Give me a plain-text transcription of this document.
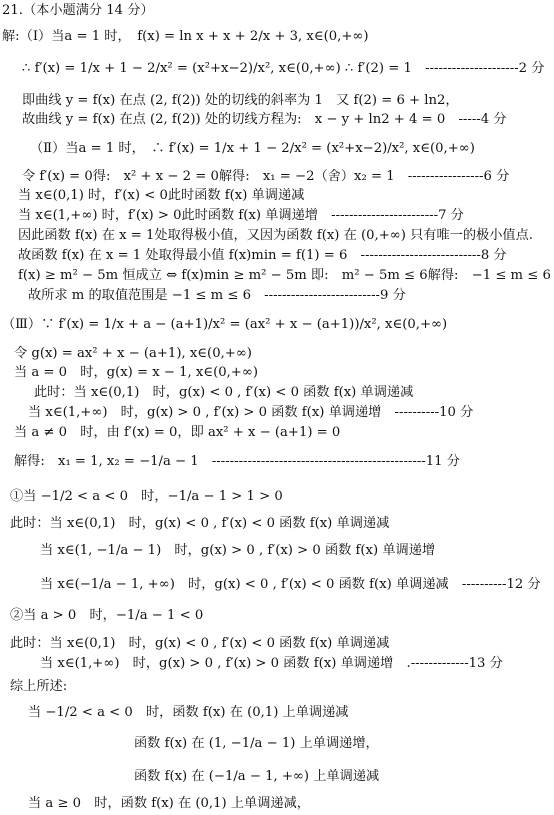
21.（本小题满分 14 分）
解:（Ⅰ）当a = 1 时，　f(x) = ln x + x + 2/x + 3, x∈(0,+∞)
∴ f′(x) = 1/x + 1 − 2/x² = (x²+x−2)/x², x∈(0,+∞) ∴ f′(2) = 1　---------------------2 分
即曲线 y = f(x) 在点 (2, f(2)) 处的切线的斜率为 1　又 f(2) = 6 + ln2，
故曲线 y = f(x) 在点 (2, f(2)) 处的切线方程为:　x − y + ln2 + 4 = 0　-----4 分
（Ⅱ）当a = 1 时，　∴ f′(x) = 1/x + 1 − 2/x² = (x²+x−2)/x², x∈(0,+∞)
令 f′(x) = 0得:　x² + x − 2 = 0解得:　x₁ = −2（舍）x₂ = 1　-----------------6 分
当 x∈(0,1) 时，f′(x) < 0此时函数 f(x) 单调递减
当 x∈(1,+∞) 时，f′(x) > 0此时函数 f(x) 单调递增　------------------------7 分
因此函数 f(x) 在 x = 1处取得极小值，又因为函数 f(x) 在 (0,+∞) 只有唯一的极小值点.
故函数 f(x) 在 x = 1 处取得最小值 f(x)min = f(1) = 6　---------------------------8 分
f(x) ≥ m² − 5m 恒成立 ⇔ f(x)min ≥ m² − 5m 即:　m² − 5m ≤ 6解得:　−1 ≤ m ≤ 6
故所求 m 的取值范围是 −1 ≤ m ≤ 6　--------------------------9 分
（Ⅲ）∵ f′(x) = 1/x + a − (a+1)/x² = (ax² + x − (a+1))/x², x∈(0,+∞)
令 g(x) = ax² + x − (a+1), x∈(0,+∞)
当 a = 0　时，g(x) = x − 1, x∈(0,+∞)
此时：当 x∈(0,1)　时，g(x) < 0 , f′(x) < 0 函数 f(x) 单调递减
当 x∈(1,+∞)　时，g(x) > 0 , f′(x) > 0 函数 f(x) 单调递增　----------10 分
当 a ≠ 0　时，由 f′(x) = 0，即 ax² + x − (a+1) = 0
解得:　x₁ = 1, x₂ = −1/a − 1　------------------------------------------------11 分
①当 −1/2 < a < 0　时，−1/a − 1 > 1 > 0
此时：当 x∈(0,1)　时，g(x) < 0 , f′(x) < 0 函数 f(x) 单调递减
当 x∈(1, −1/a − 1)　时，g(x) > 0 , f′(x) > 0 函数 f(x) 单调递增
当 x∈(−1/a − 1, +∞)　时，g(x) < 0 , f′(x) < 0 函数 f(x) 单调递减　----------12 分
②当 a > 0　时，−1/a − 1 < 0
此时：当 x∈(0,1)　时，g(x) < 0 , f′(x) < 0 函数 f(x) 单调递减
当 x∈(1,+∞)　时，g(x) > 0 , f′(x) > 0 函数 f(x) 单调递增　.-------------13 分
综上所述:
当 −1/2 < a < 0　时，函数 f(x) 在 (0,1) 上单调递减
函数 f(x) 在 (1, −1/a − 1) 上单调递增，
函数 f(x) 在 (−1/a − 1, +∞) 上单调递减
当 a ≥ 0　时，函数 f(x) 在 (0,1) 上单调递减，
